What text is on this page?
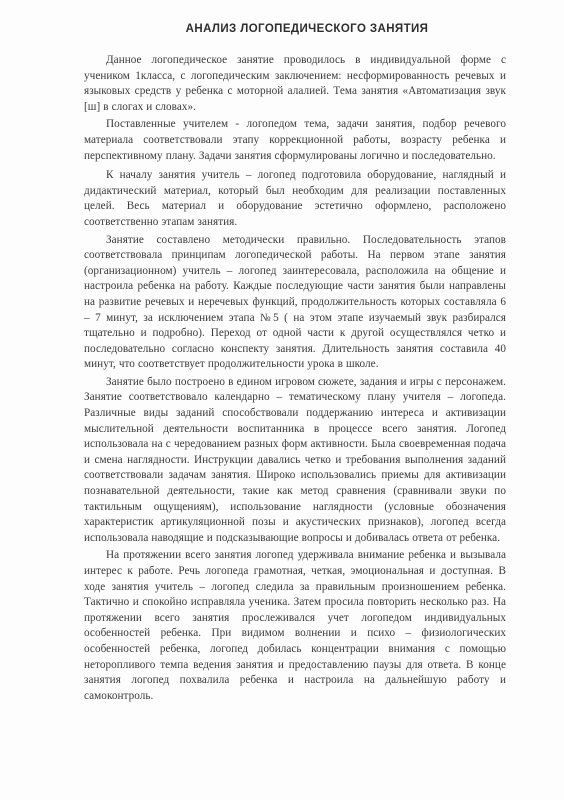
АНАЛИЗ ЛОГОПЕДИЧЕСКОГО ЗАНЯТИЯ

Данное логопедическое занятие проводилось в индивидуальной форме с учеником 1класса, с логопедическим заключением: несформированность речевых и языковых средств у ребенка с моторной алалией. Тема занятия «Автоматизация звук [ш] в слогах и словах».

Поставленные учителем - логопедом тема, задачи занятия, подбор речевого материала соответствовали этапу коррекционной работы, возрасту ребенка и перспективному плану. Задачи занятия сформулированы логично и последовательно.

К началу занятия учитель – логопед подготовила оборудование, наглядный и дидактический материал, который был необходим для реализации поставленных целей. Весь материал и оборудование эстетично оформлено, расположено соответственно этапам занятия.

Занятие составлено методически правильно. Последовательность этапов соответствовала принципам логопедической работы. На первом этапе занятия (организационном) учитель – логопед заинтересовала, расположила на общение и настроила ребенка на работу. Каждые последующие части занятия были направлены на развитие речевых и неречевых функций, продолжительность которых составляла 6 – 7 минут, за исключением этапа №5 ( на этом этапе изучаемый звук разбирался тщательно и подробно). Переход от одной части к другой осуществлялся четко и последовательно согласно конспекту занятия. Длительность занятия составила 40 минут, что соответствует продолжительности урока в школе.

Занятие было построено в едином игровом сюжете, задания и игры с персонажем. Занятие соответствовало календарно – тематическому плану учителя – логопеда. Различные виды заданий способствовали поддержанию интереса и активизации мыслительной деятельности воспитанника в процессе всего занятия. Логопед использовала на с чередованием разных форм активности. Была своевременная подача и смена наглядности. Инструкции давались четко и требования выполнения заданий соответствовали задачам занятия. Широко использовались приемы для активизации познавательной деятельности, такие как метод сравнения (сравнивали звуки по тактильным ощущениям), использование наглядности (условные обозначения характеристик артикуляционной позы и акустических признаков), логопед всегда использовала наводящие и подсказывающие вопросы и добивалась ответа от ребенка.

На протяжении всего занятия логопед удерживала внимание ребенка и вызывала интерес к работе. Речь логопеда грамотная, четкая, эмоциональная и доступная. В ходе занятия учитель – логопед следила за правильным произношением ребенка. Тактично и спокойно исправляла ученика. Затем просила повторить несколько раз. На протяжении всего занятия прослеживался учет логопедом индивидуальных особенностей ребенка. При видимом волнении и психо – физиологических особенностей ребенка, логопед добилась концентрации внимания с помощью неторопливого темпа ведения занятия и предоставлению паузы для ответа. В конце занятия логопед похвалила ребенка и настроила на дальнейшую работу и самоконтроль.
